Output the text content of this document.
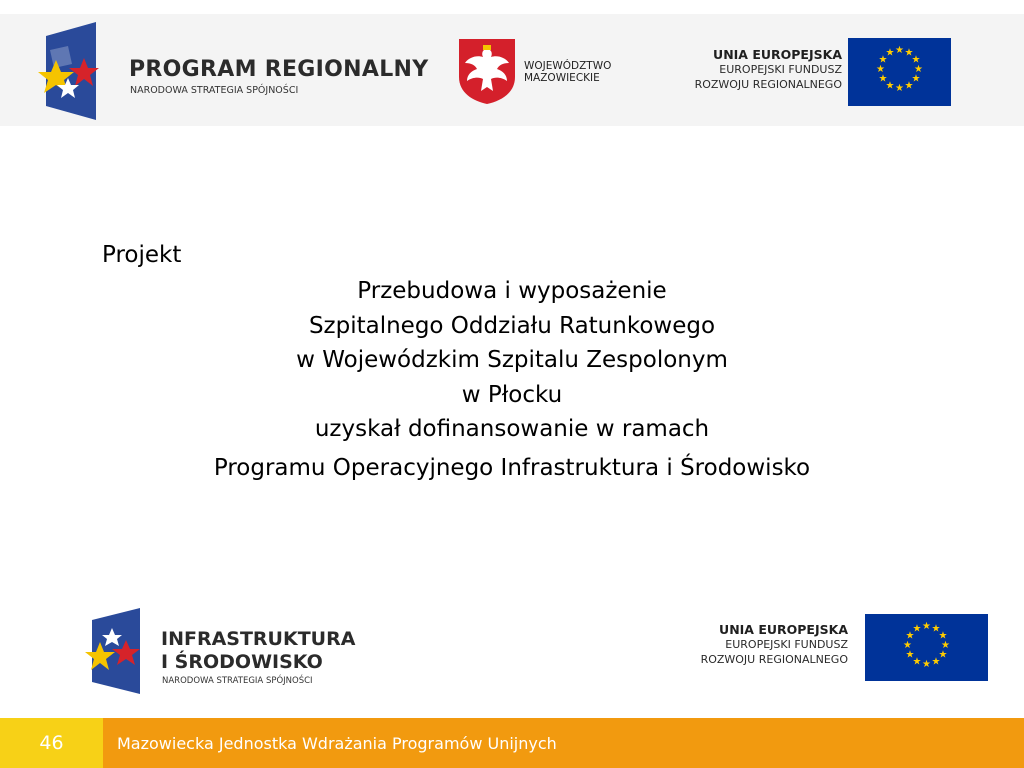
PROGRAM REGIONALNY
NARODOWA STRATEGIA SPÓJNOŚCI
WOJEWÓDZTWO
MAZOWIECKIE
UNIA EUROPEJSKA
EUROPEJSKI FUNDUSZ
ROZWOJU REGIONALNEGO
★ ★
★
★
★
★
★
★
★
★
★
★
Projekt
Przebudowa i wyposażenie
Szpitalnego Oddziału Ratunkowego
w Wojewódzkim Szpitalu Zespolonym
w Płocku
uzyskał dofinansowanie w ramach
Programu Operacyjnego Infrastruktura i Środowisko
INFRASTRUKTURA
I ŚRODOWISKO
NARODOWA STRATEGIA SPÓJNOŚCI
UNIA EUROPEJSKA
EUROPEJSKI FUNDUSZ
ROZWOJU REGIONALNEGO
★ ★
★
★
★
★
★
★
★
★
★
★
46	Mazowiecka Jednostka Wdrażania Programów Unijnych
